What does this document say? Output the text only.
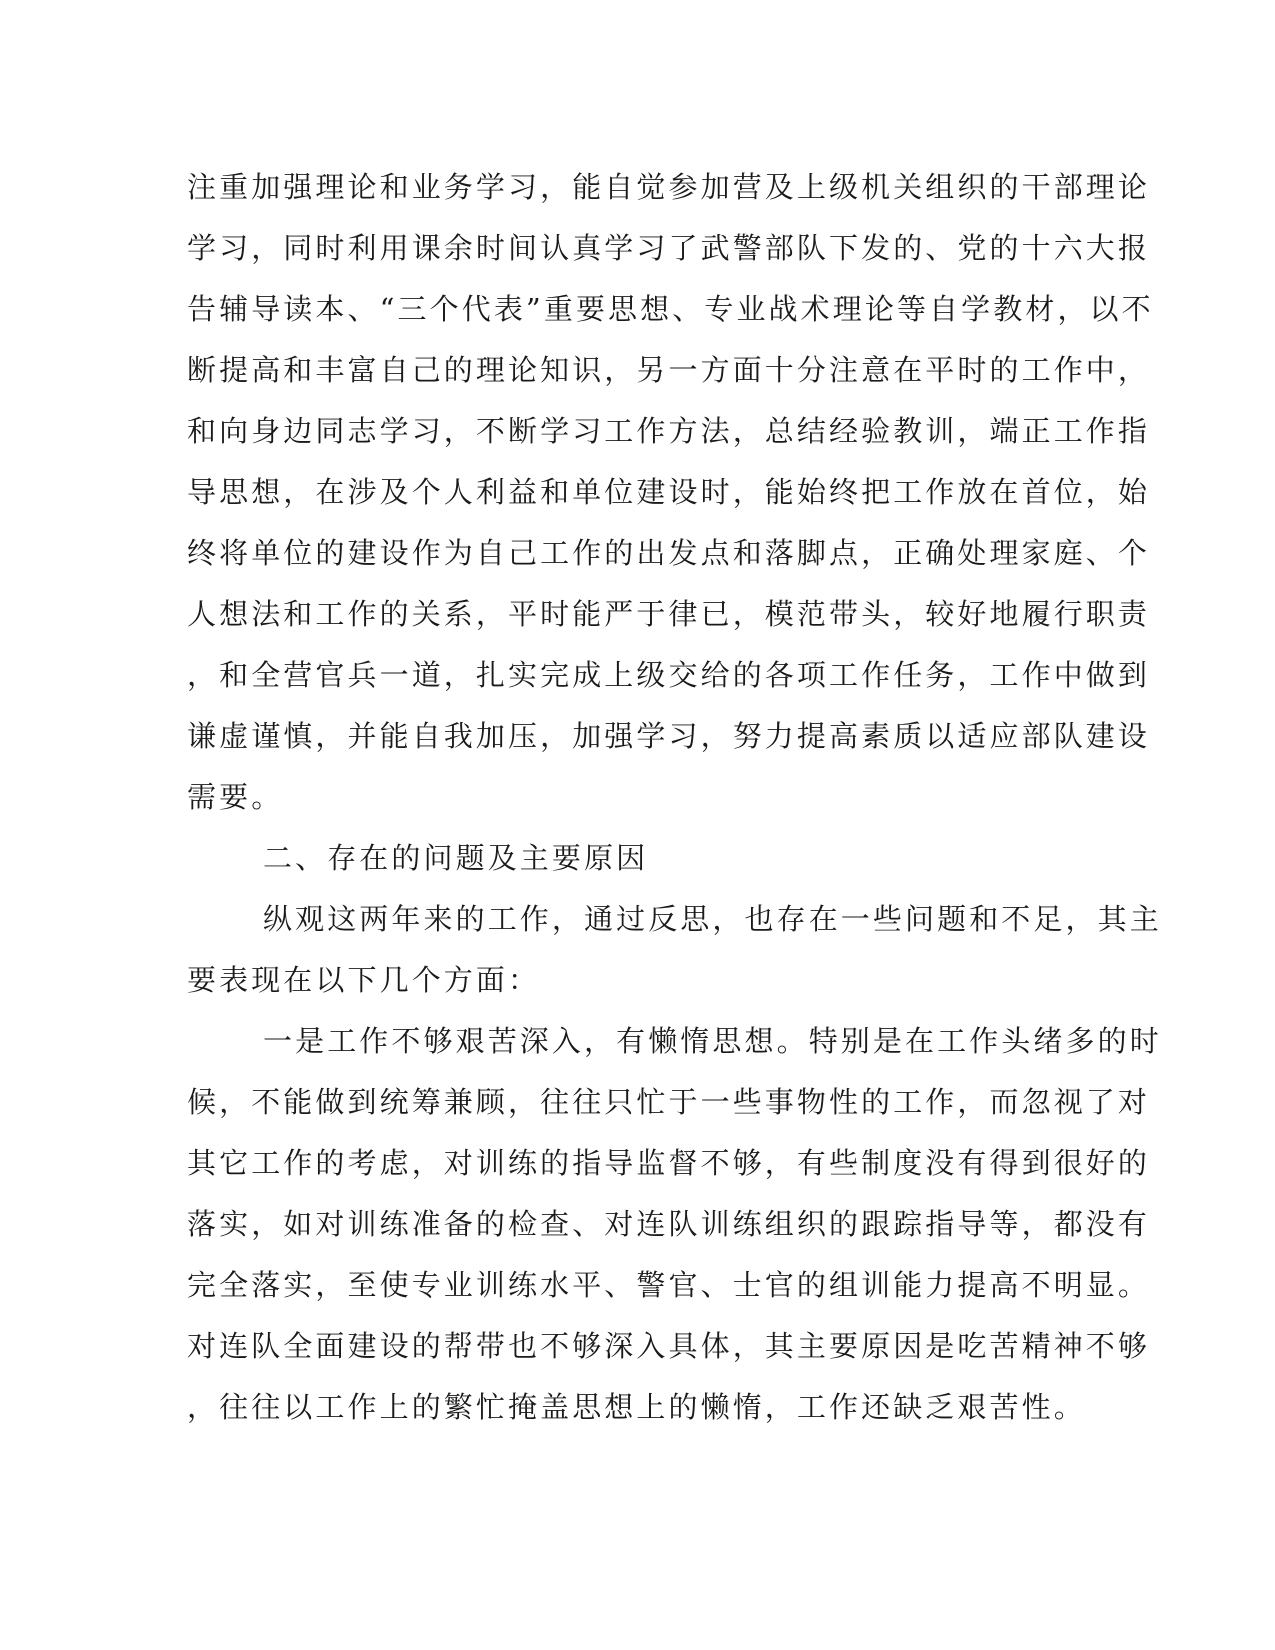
注重加强理论和业务学习，能自觉参加营及上级机关组织的干部理论
学习，同时利用课余时间认真学习了武警部队下发的、党的十六大报
告辅导读本、“三个代表”重要思想、专业战术理论等自学教材，以不
断提高和丰富自己的理论知识，另一方面十分注意在平时的工作中，
和向身边同志学习，不断学习工作方法，总结经验教训，端正工作指
导思想，在涉及个人利益和单位建设时，能始终把工作放在首位，始
终将单位的建设作为自己工作的出发点和落脚点，正确处理家庭、个
人想法和工作的关系，平时能严于律已，模范带头，较好地履行职责
，和全营官兵一道，扎实完成上级交给的各项工作任务，工作中做到
谦虚谨慎，并能自我加压，加强学习，努力提高素质以适应部队建设
需要。
二、存在的问题及主要原因
纵观这两年来的工作，通过反思，也存在一些问题和不足，其主
要表现在以下几个方面：
一是工作不够艰苦深入，有懒惰思想。特别是在工作头绪多的时
候，不能做到统筹兼顾，往往只忙于一些事物性的工作，而忽视了对
其它工作的考虑，对训练的指导监督不够，有些制度没有得到很好的
落实，如对训练准备的检查、对连队训练组织的跟踪指导等，都没有
完全落实，至使专业训练水平、警官、士官的组训能力提高不明显。
对连队全面建设的帮带也不够深入具体，其主要原因是吃苦精神不够
，往往以工作上的繁忙掩盖思想上的懒惰，工作还缺乏艰苦性。
